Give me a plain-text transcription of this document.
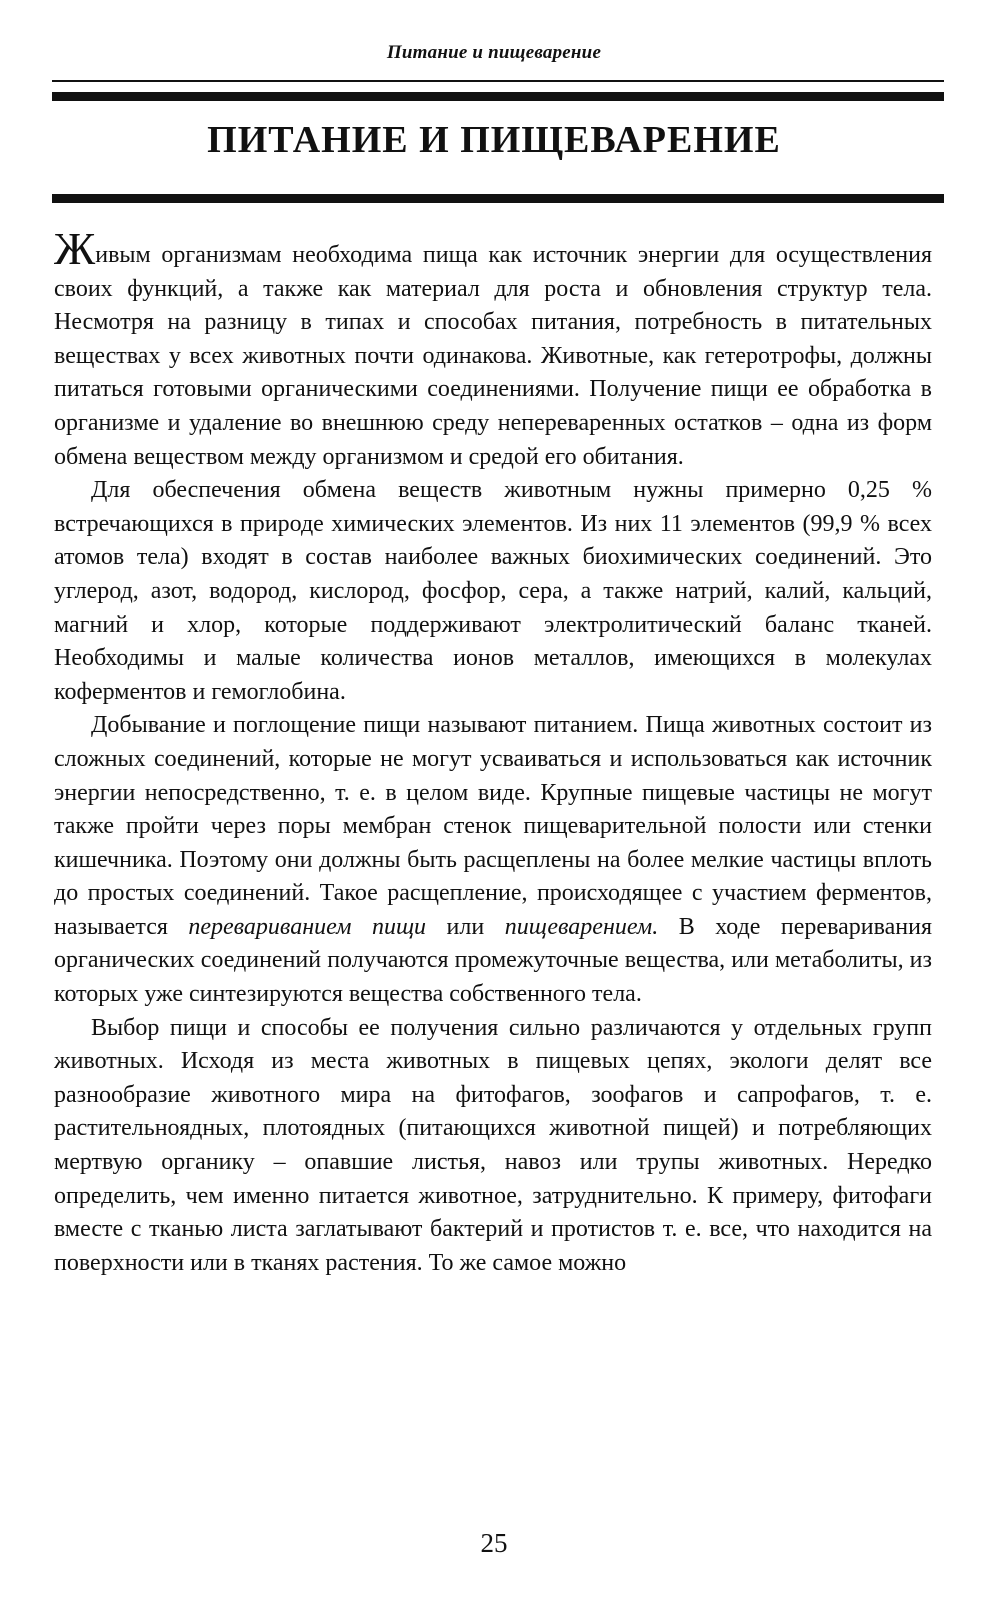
Питание и пищеварение
ПИТАНИЕ И ПИЩЕВАРЕНИЕ

Живым организмам необходима пища как источник энергии для осуществления своих функций, а также как материал для роста и обновления структур тела. Несмотря на разницу в типах и способах питания, потребность в питательных веществах у всех животных почти одинакова. Животные, как гетеротрофы, должны питаться готовыми органическими соединениями. Получение пищи ее обработка в организме и удаление во внешнюю среду непереваренных остатков – одна из форм обмена веществом между организмом и средой его обитания.

Для обеспечения обмена веществ животным нужны примерно 0,25 % встречающихся в природе химических элементов. Из них 11 элементов (99,9 % всех атомов тела) входят в состав наиболее важных биохимических соединений. Это углерод, азот, водород, кислород, фосфор, сера, а также натрий, калий, кальций, магний и хлор, которые поддерживают электролитический баланс тканей. Необходимы и малые количества ионов металлов, имеющихся в молекулах коферментов и гемоглобина.

Добывание и поглощение пищи называют питанием. Пища животных состоит из сложных соединений, которые не могут усваиваться и использоваться как источник энергии непосредственно, т. е. в целом виде. Крупные пищевые частицы не могут также пройти через поры мембран стенок пищеварительной полости или стенки кишечника. Поэтому они должны быть расщеплены на более мелкие частицы вплоть до простых соединений. Такое расщепление, происходящее с участием ферментов, называется перевариванием пищи или пищеварением. В ходе переваривания органических соединений получаются промежуточные вещества, или метаболиты, из которых уже синтезируются вещества собственного тела.

Выбор пищи и способы ее получения сильно различаются у отдельных групп животных. Исходя из места животных в пищевых цепях, экологи делят все разнообразие животного мира на фитофагов, зоофагов и сапрофагов, т. е. растительноядных, плотоядных (питающихся животной пищей) и потребляющих мертвую органику – опавшие листья, навоз или трупы животных. Нередко определить, чем именно питается животное, затруднительно. К примеру, фитофаги вместе с тканью листа заглатывают бактерий и протистов т. е. все, что находится на поверхности или в тканях растения. То же самое можно

25
